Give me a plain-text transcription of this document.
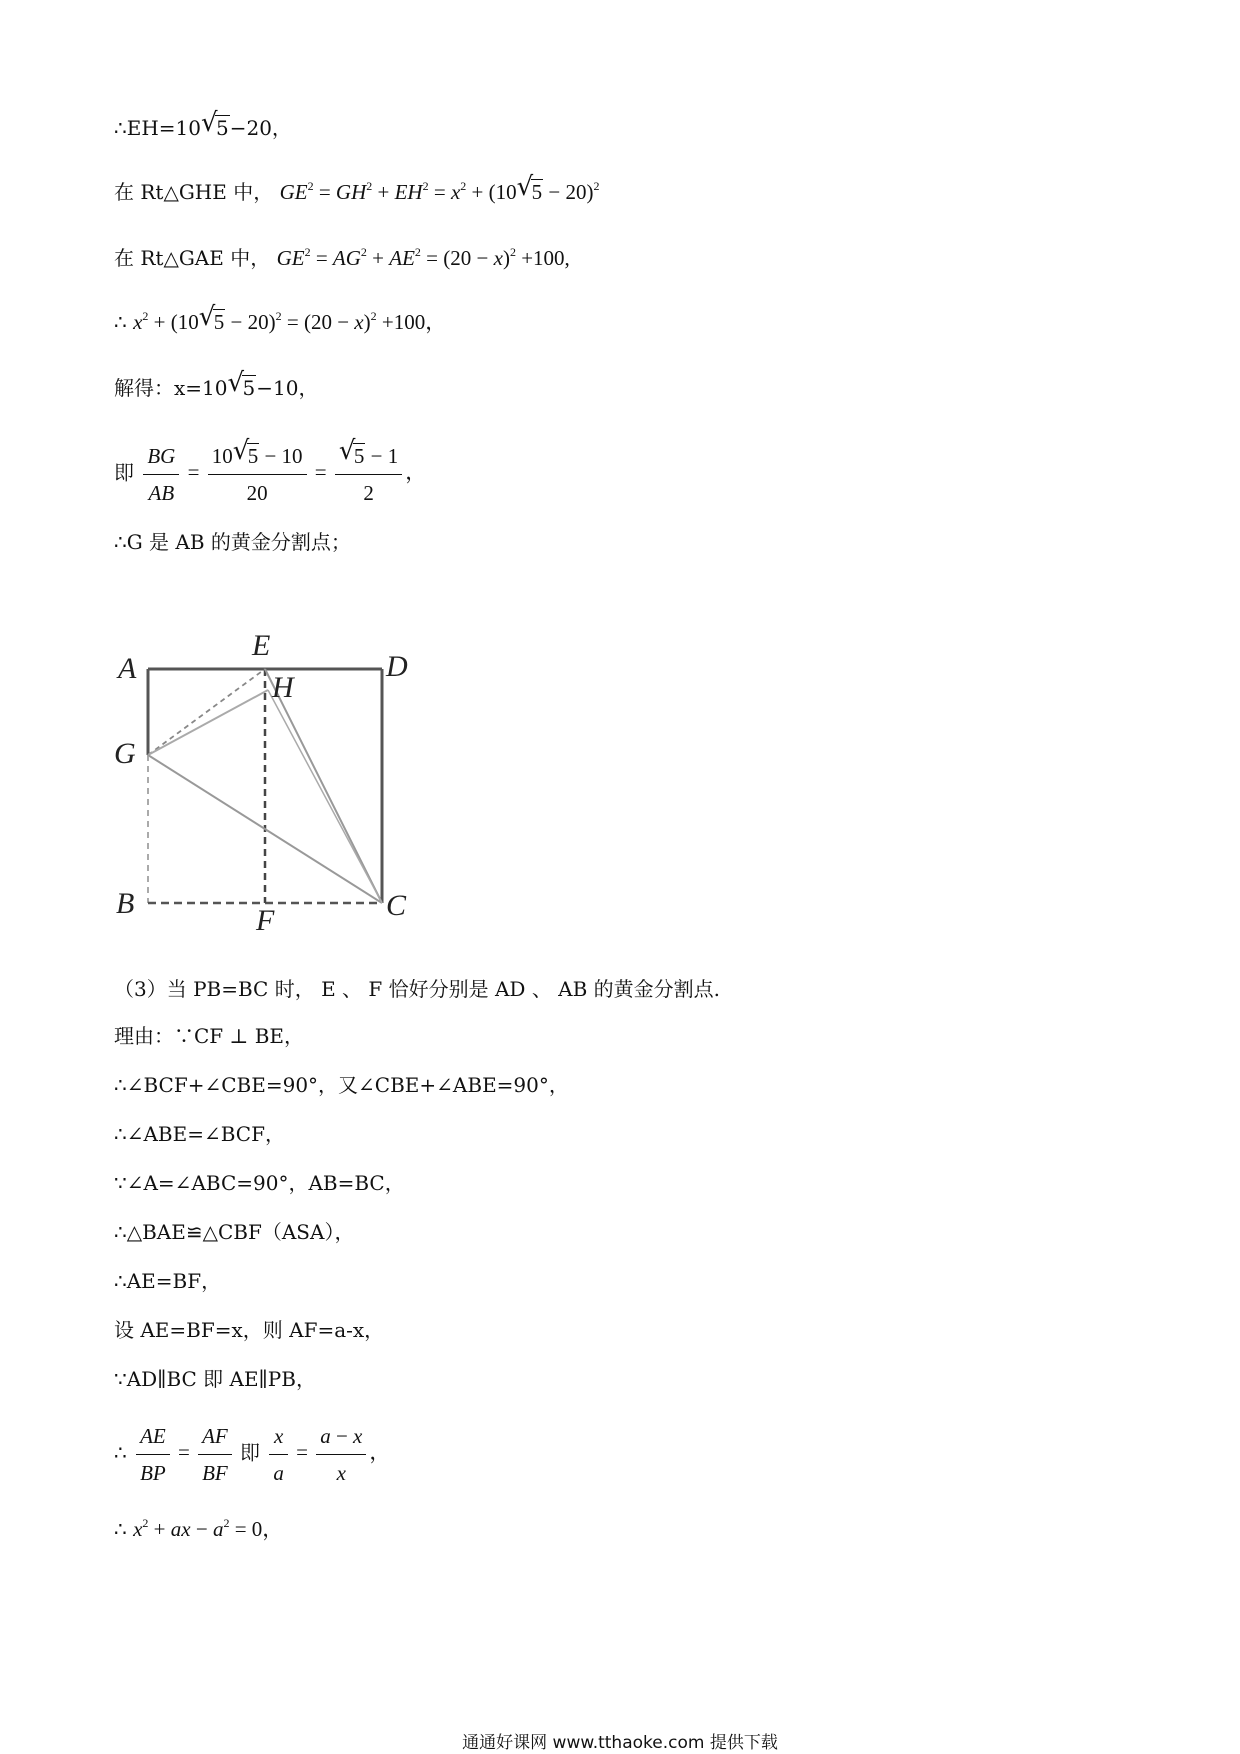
∴EH=10 √
5−20，
在 Rt△GHE 中， $GE^2 = GH^2 + EH^2 = x^2 + (10$ √
5 − 20)$^2$
在 Rt△GAE 中， $GE^2 = AG^2 + AE^2 = (20 - x)^2 +100$,
∴ $x^2 + (10$ √
$5 - 20)^2 = (20 - x)^2 +100$，
解得：x=10 √
5−10，
即 $\frac{BG}{AB} = 10$ √
5 − 10
20 = √
5 − 1
2 ，
∴G 是 AB 的黄金分割点；
A
E
D
H
G
B
F	C
（3）当 PB=BC 时， E 、 F 恰好分别是 AD 、 AB 的黄金分割点.
理由：∵CF ⊥ BE，
∴∠BCF+∠CBE=90°，又∠CBE+∠ABE=90°，
∴∠ABE=∠BCF，
∵∠A=∠ABC=90°，AB=BC，
∴△BAE≌△CBF（ASA），
∴AE=BF，
设 AE=BF=x，则 AF=a-x，
∵AD∥BC 即 AE∥PB，
∴ $\frac{AE}{BP} = \frac{AF}{BF}$ 即 $\frac{x}{a} = \frac{a - x}{x}$ ，
∴ $x^2$ + ax − $a^2 = 0$，
通通好课网 www.tthaoke.com 提供下载
